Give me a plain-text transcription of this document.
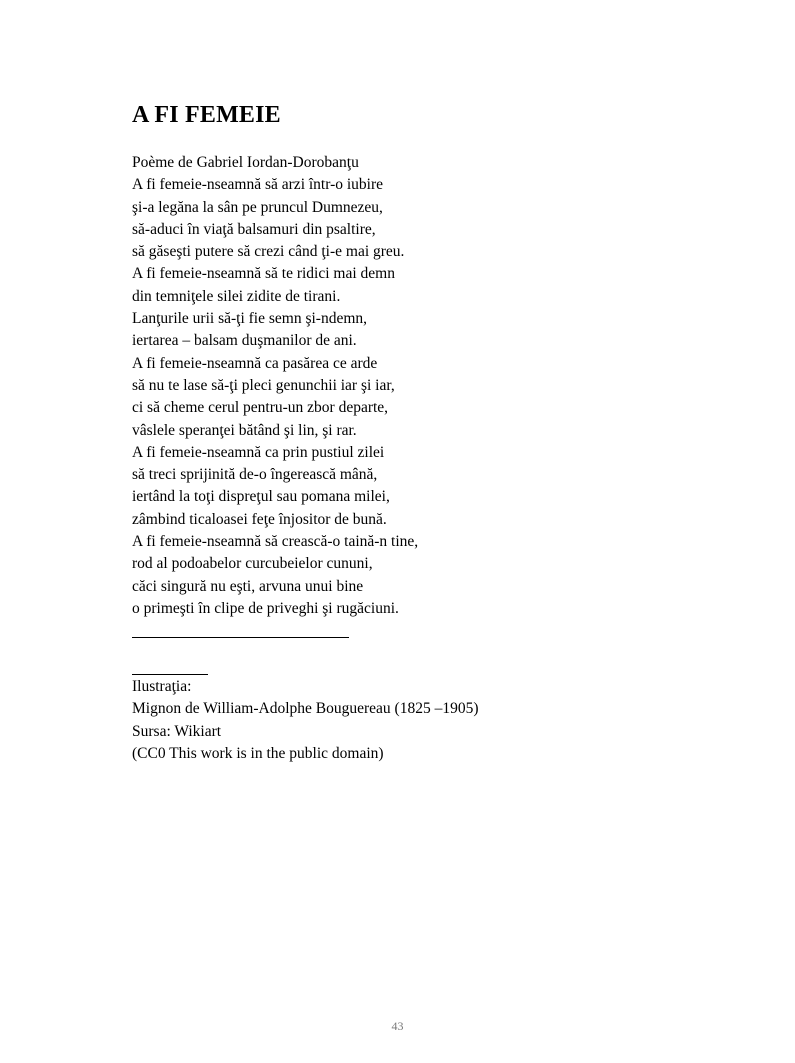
A FI FEMEIE
Poème de Gabriel Iordan-Dorobanţu
A fi femeie-nseamnă să arzi într-o iubire
şi-a legăna la sân pe pruncul Dumnezeu,
să-aduci în viaţă balsamuri din psaltire,
să găseşti putere să crezi când ţi-e mai greu.
A fi femeie-nseamnă să te ridici mai demn
din temniţele silei zidite de tirani.
Lanţurile urii să-ţi fie semn şi-ndemn,
iertarea – balsam duşmanilor de ani.
A fi femeie-nseamnă ca pasărea ce arde
să nu te lase să-ţi pleci genunchii iar şi iar,
ci să cheme cerul pentru-un zbor departe,
vâslele speranţei bătând şi lin, şi rar.
A fi femeie-nseamnă ca prin pustiul zilei
să treci sprijinită de-o îngerească mână,
iertând la toţi dispreţul sau pomana milei,
zâmbind ticaloasei feţe înjositor de bună.
A fi femeie-nseamnă să crească-o taină-n tine,
rod al podoabelor curcubeielor cununi,
căci singură nu eşti, arvuna unui bine
o primeşti în clipe de priveghi şi rugăciuni.
Ilustraţia:
Mignon de William-Adolphe Bouguereau (1825 –1905)
Sursa: Wikiart
(CC0 This work is in the public domain)
43
